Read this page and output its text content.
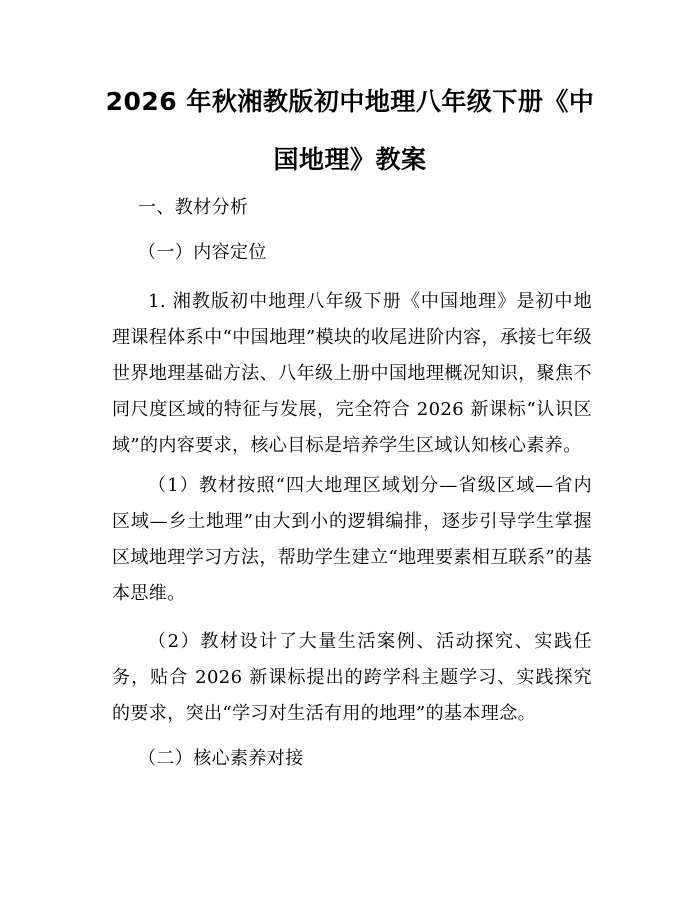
2026 年秋湘教版初中地理八年级下册《中国地理》教案
一、教材分析
（一）内容定位
1. 湘教版初中地理八年级下册《中国地理》是初中地理课程体系中“中国地理”模块的收尾进阶内容，承接七年级世界地理基础方法、八年级上册中国地理概况知识，聚焦不同尺度区域的特征与发展，完全符合 2026 新课标“认识区域”的内容要求，核心目标是培养学生区域认知核心素养。
（1）教材按照“四大地理区域划分—省级区域—省内区域—乡土地理”由大到小的逻辑编排，逐步引导学生掌握区域地理学习方法，帮助学生建立“地理要素相互联系”的基本思维。
（2）教材设计了大量生活案例、活动探究、实践任务，贴合 2026 新课标提出的跨学科主题学习、实践探究的要求，突出“学习对生活有用的地理”的基本理念。
（二）核心素养对接
